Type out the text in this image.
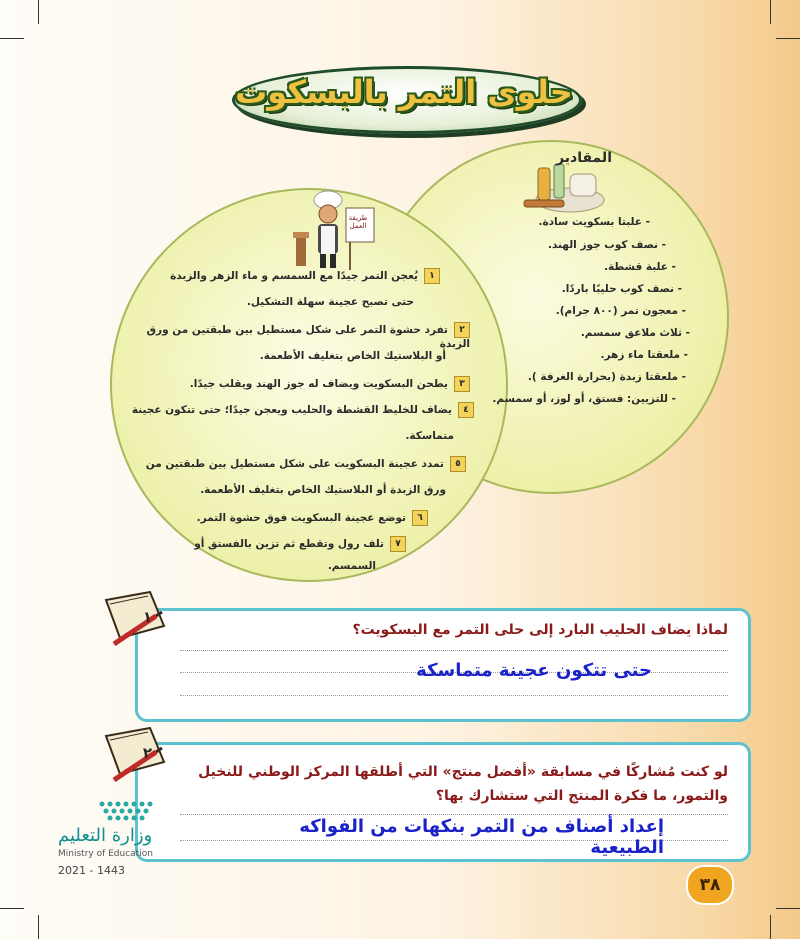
حلوى التمر بالبسكوت
المقادير
- علبتا بسكويت سادة.
- نصف كوب جوز الهند.
- علبة قشطة.
- نصف كوب حليبًا باردًا.
- معجون تمر (٨٠٠ جرام).
- ثلاث ملاعق سمسم.
- ملعقتا ماء زهر.
- ملعقتا زبدة (بحرارة الغرفة ).
- للتزيين: فستق، أو لوز، أو سمسم.
طريقة العمل
١يُعجن التمر جيدًا مع السمسم و ماء الزهر والزبدة
حتى تصبح عجينة سهلة التشكيل.
٢تفرد حشوة التمر على شكل مستطيل بين طبقتين من ورق الزبدة
أو البلاستيك الخاص بتغليف الأطعمة.
٣يطحن البسكويت ويضاف له جوز الهند ويقلب جيدًا.
٤يضاف للخليط القشطة والحليب ويعجن جيدًا؛ حتى تتكون عجينة
متماسكة.
٥تمدد عجينة البسكويت على شكل مستطيل بين طبقتين من
ورق الزبدة أو البلاستيك الخاص بتغليف الأطعمة.
٦توضع عجينة البسكويت فوق حشوة التمر.
٧تلف رول وتقطع ثم تزين بالفستق أو
السمسم.
١
لماذا يضاف الحليب البارد إلى حلى التمر مع البسكويت؟
حتى تتكون عجينة متماسكة
٢
لو كنت مُشاركًا في مسابقة «أفضل منتج» التي أطلقها المركز الوطني للنخيل
والتمور، ما فكرة المنتج التي ستشارك بها؟
إعداد أصناف من التمر بنكهات من الفواكه الطبيعية
وزارة التعليم
Ministry of Education
2021 - 1443
٣٨
